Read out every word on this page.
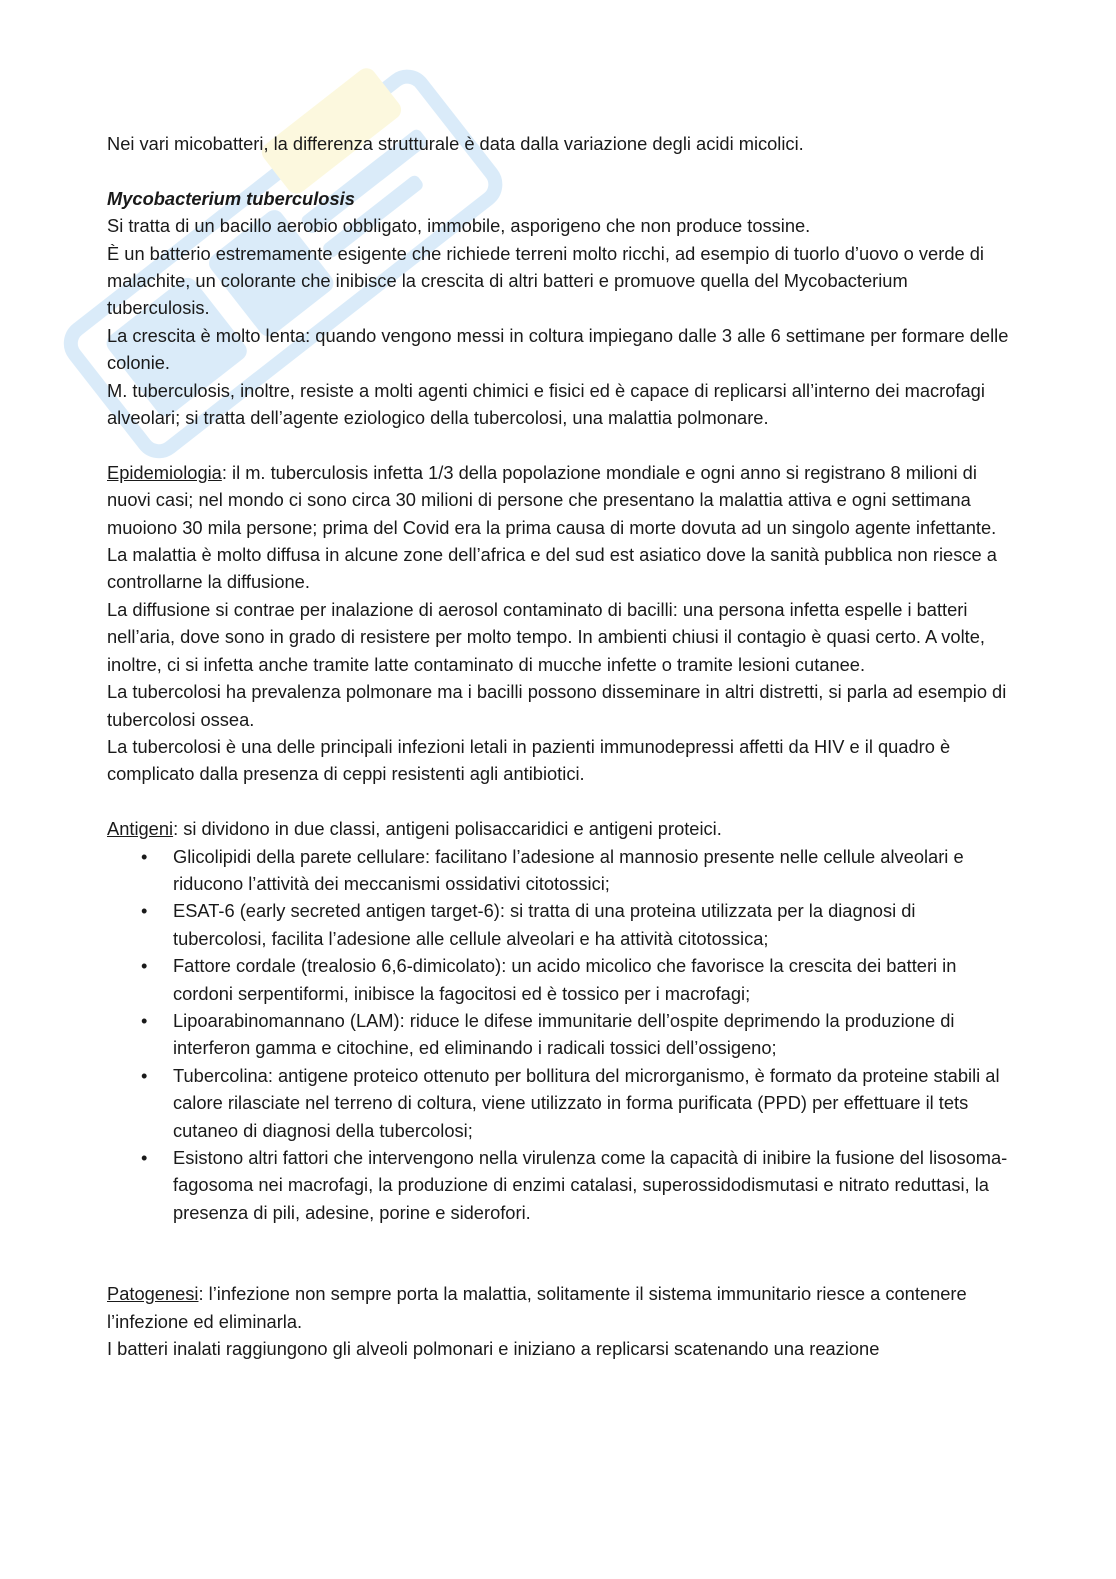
Nei vari micobatteri, la differenza strutturale è data dalla variazione degli acidi micolici.

Mycobacterium tuberculosis

Si tratta di un bacillo aerobio obbligato, immobile, asporigeno che non produce tossine.

È un batterio estremamente esigente che richiede terreni molto ricchi, ad esempio di tuorlo d’uovo o verde di malachite, un colorante che inibisce la crescita di altri batteri e promuove quella del Mycobacterium tuberculosis.

La crescita è molto lenta: quando vengono messi in coltura impiegano dalle 3 alle 6 settimane per formare delle colonie.

M. tuberculosis, inoltre, resiste a molti agenti chimici e fisici ed è capace di replicarsi all’interno dei macrofagi alveolari; si tratta dell’agente eziologico della tubercolosi, una malattia polmonare.

Epidemiologia: il m. tuberculosis infetta 1/3 della popolazione mondiale e ogni anno si registrano 8 milioni di nuovi casi; nel mondo ci sono circa 30 milioni di persone che presentano la malattia attiva e ogni settimana muoiono 30 mila persone; prima del Covid era la prima causa di morte dovuta ad un singolo agente infettante.

La malattia è molto diffusa in alcune zone dell’africa e del sud est asiatico dove la sanità pubblica non riesce a controllarne la diffusione.

La diffusione si contrae per inalazione di aerosol contaminato di bacilli: una persona infetta espelle i batteri nell’aria, dove sono in grado di resistere per molto tempo. In ambienti chiusi il contagio è quasi certo. A volte, inoltre, ci si infetta anche tramite latte contaminato di mucche infette o tramite lesioni cutanee.

La tubercolosi ha prevalenza polmonare ma i bacilli possono disseminare in altri distretti, si parla ad esempio di tubercolosi ossea.

La tubercolosi è una delle principali infezioni letali in pazienti immunodepressi affetti da HIV e il quadro è complicato dalla presenza di ceppi resistenti agli antibiotici.

Antigeni: si dividono in due classi, antigeni polisaccaridici e antigeni proteici.

• Glicolipidi della parete cellulare: facilitano l’adesione al mannosio presente nelle cellule alveolari e riducono l’attività dei meccanismi ossidativi citotossici;
• ESAT-6 (early secreted antigen target-6): si tratta di una proteina utilizzata per la diagnosi di tubercolosi, facilita l’adesione alle cellule alveolari e ha attività citotossica;
• Fattore cordale (trealosio 6,6-dimicolato): un acido micolico che favorisce la crescita dei batteri in cordoni serpentiformi, inibisce la fagocitosi ed è tossico per i macrofagi;
• Lipoarabinomannano (LAM): riduce le difese immunitarie dell’ospite deprimendo la produzione di interferon gamma e citochine, ed eliminando i radicali tossici dell’ossigeno;
• Tubercolina: antigene proteico ottenuto per bollitura del microrganismo, è formato da proteine stabili al calore rilasciate nel terreno di coltura, viene utilizzato in forma purificata (PPD) per effettuare il tets cutaneo di diagnosi della tubercolosi;
• Esistono altri fattori che intervengono nella virulenza come la capacità di inibire la fusione del lisosoma-fagosoma nei macrofagi, la produzione di enzimi catalasi, superossidodismutasi e nitrato reduttasi, la presenza di pili, adesine, porine e siderofori.

Patogenesi: l’infezione non sempre porta la malattia, solitamente il sistema immunitario riesce a contenere l’infezione ed eliminarla.

I batteri inalati raggiungono gli alveoli polmonari e iniziano a replicarsi scatenando una reazione
